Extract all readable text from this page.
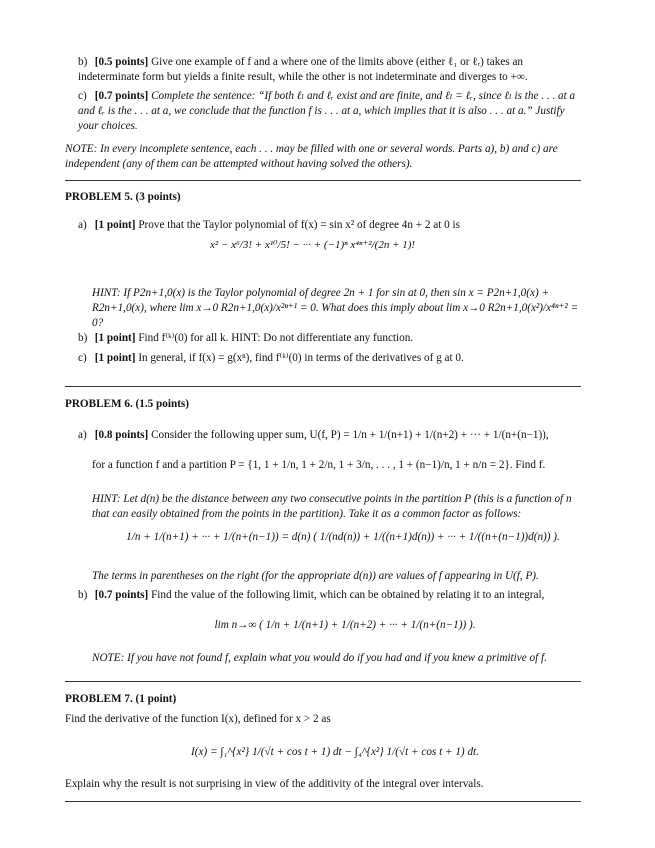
b) [0.5 points] Give one example of f and a where one of the limits above (either ℓ₁ or ℓᵣ) takes an indeterminate form but yields a finite result, while the other is not indeterminate and diverges to +∞.
c) [0.7 points] Complete the sentence: “If both ℓₗ and ℓᵣ exist and are finite, and ℓₗ = ℓᵣ, since ℓₗ is the . . . at a and ℓᵣ is the . . . at a, we conclude that the function f is . . . at a, which implies that it is also . . . at a.” Justify your choices.
NOTE: In every incomplete sentence, each . . . may be filled with one or several words. Parts a), b) and c) are independent (any of them can be attempted without having solved the others).
PROBLEM 5. (3 points)
a) [1 point] Prove that the Taylor polynomial of f(x) = sin x² of degree 4n + 2 at 0 is
x² − x⁶/3! + x¹⁰/5! − ··· + (−1)ⁿ x⁴ⁿ⁺²/(2n + 1)!
HINT: If P2n+1,0(x) is the Taylor polynomial of degree 2n + 1 for sin at 0, then sin x = P2n+1,0(x) + R2n+1,0(x), where lim x→0 R2n+1,0(x)/x²ⁿ⁺¹ = 0. What does this imply about lim x→0 R2n+1,0(x²)/x⁴ⁿ⁺² = 0?
b) [1 point] Find f⁽ᵏ⁾(0) for all k. HINT: Do not differentiate any function.
c) [1 point] In general, if f(x) = g(xⁿ), find f⁽ᵏ⁾(0) in terms of the derivatives of g at 0.
PROBLEM 6. (1.5 points)
a) [0.8 points] Consider the following upper sum, U(f, P) = 1/n + 1/(n+1) + 1/(n+2) + ··· + 1/(n+(n−1)),
for a function f and a partition P = {1, 1 + 1/n, 1 + 2/n, 1 + 3/n, . . . , 1 + (n−1)/n, 1 + n/n = 2}. Find f.
HINT: Let d(n) be the distance between any two consecutive points in the partition P (this is a function of n that can easily obtained from the points in the partition). Take it as a common factor as follows:
1/n + 1/(n+1) + ··· + 1/(n+(n−1)) = d(n) ( 1/(nd(n)) + 1/((n+1)d(n)) + ··· + 1/((n+(n−1))d(n)) ).
The terms in parentheses on the right (for the appropriate d(n)) are values of f appearing in U(f, P).
b) [0.7 points] Find the value of the following limit, which can be obtained by relating it to an integral,
lim n→∞ ( 1/n + 1/(n+1) + 1/(n+2) + ··· + 1/(n+(n−1)) ).
NOTE: If you have not found f, explain what you would do if you had and if you knew a primitive of f.
PROBLEM 7. (1 point)
Find the derivative of the function I(x), defined for x > 2 as
I(x) = ∫₁^{x²} 1/(√t + cos t + 1) dt − ∫₄^{x²} 1/(√t + cos t + 1) dt.
Explain why the result is not surprising in view of the additivity of the integral over intervals.
